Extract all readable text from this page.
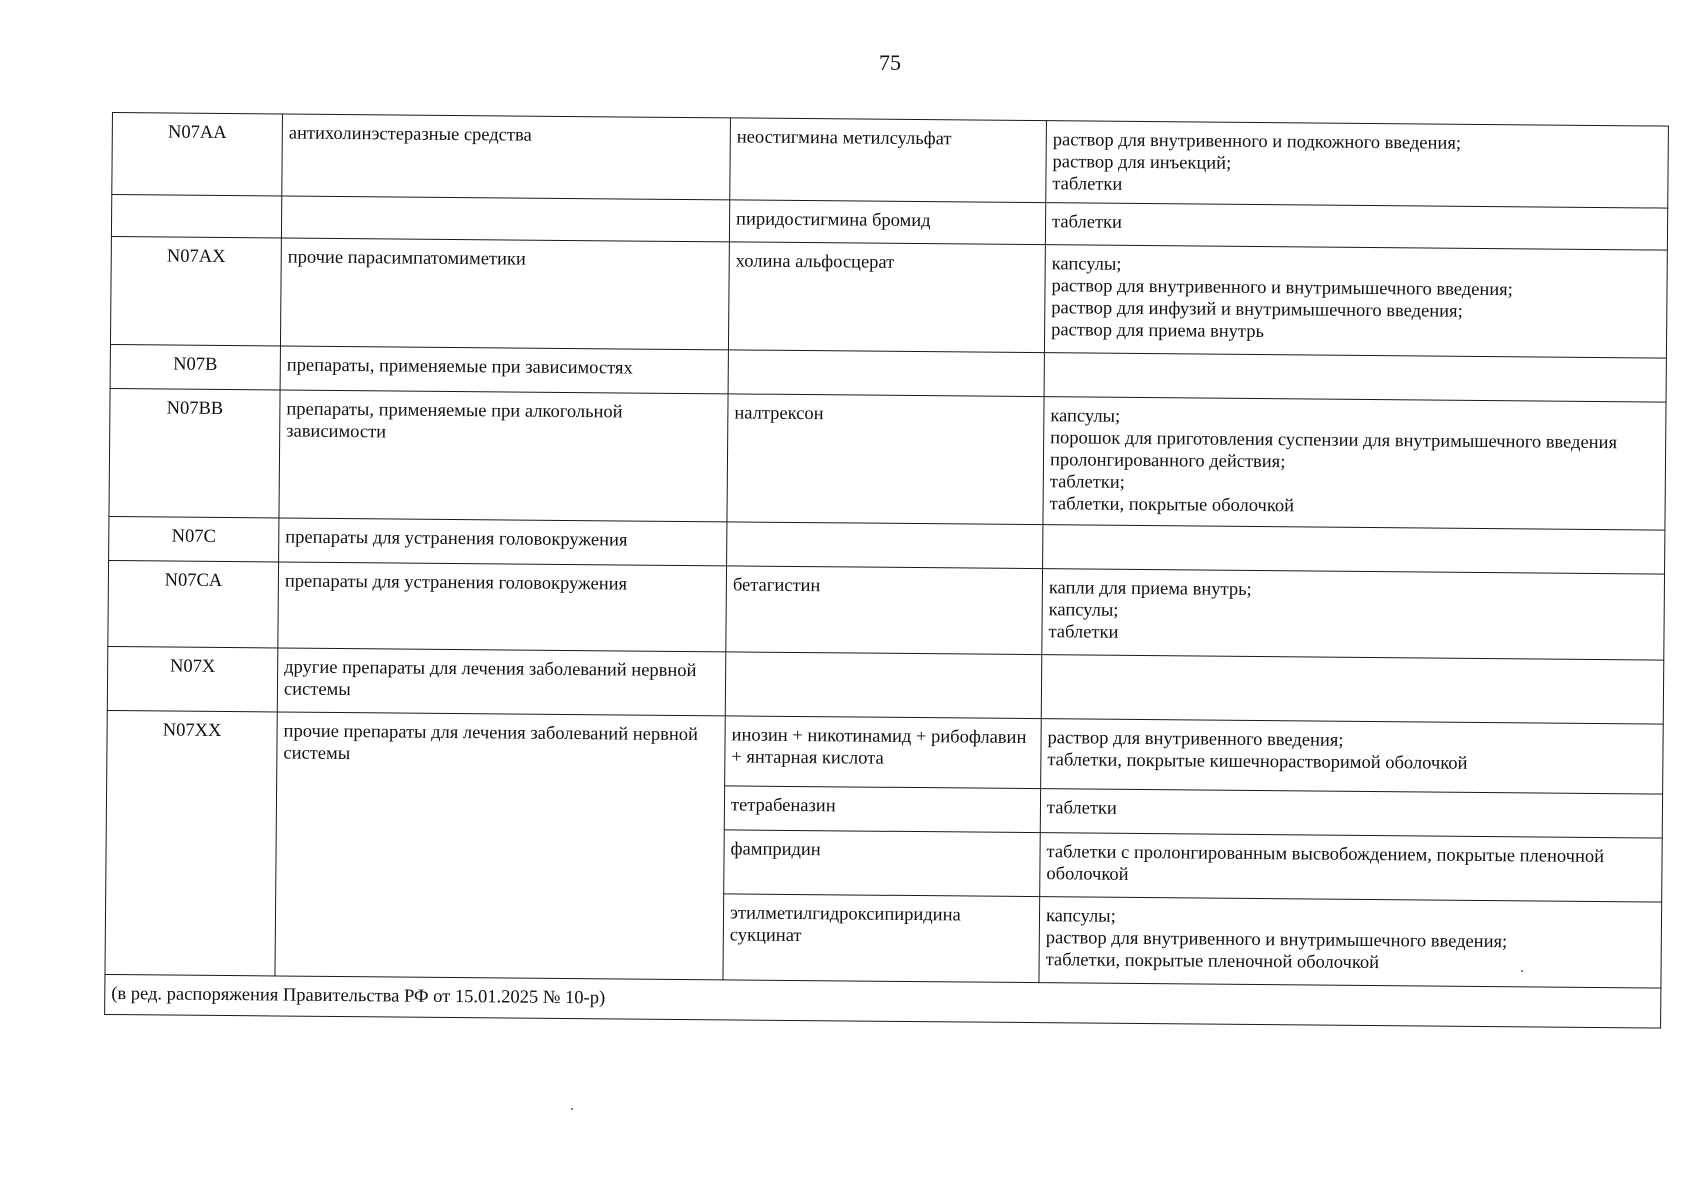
75
N07AA	антихолинэстеразные средства	неостигмина метилсульфат	раствор для внутривенного и подкожного введения;
раствор для инъекций;
таблетки

		пиридостигмина бромид	таблетки

N07AX	прочие парасимпатомиметики	холина альфосцерат	капсулы;
раствор для внутривенного и внутримышечного введения;
раствор для инфузий и внутримышечного введения;
раствор для приема внутрь

N07B	препараты, применяемые при зависимостях		
N07BB	препараты, применяемые при алкогольной зависимости	налтрексон	капсулы;
порошок для приготовления суспензии для внутримышечного введения пролонгированного действия;
таблетки;
таблетки, покрытые оболочкой

N07C	препараты для устранения головокружения		
N07CA	препараты для устранения головокружения	бетагистин	капли для приема внутрь;
капсулы;
таблетки

N07X	другие препараты для лечения заболеваний нервной системы		
N07XX	прочие препараты для лечения заболеваний нервной системы	инозин + никотинамид + рибофлавин + янтарная кислота	раствор для внутривенного введения;
таблетки, покрытые кишечнорастворимой оболочкой

		тетрабеназин	таблетки

		фампридин	таблетки с пролонгированным высвобождением, покрытые пленочной оболочкой

		этилметилгидроксипиридина сукцинат	капсулы;
раствор для внутривенного и внутримышечного введения;
таблетки, покрытые пленочной оболочкой

(в ред. распоряжения Правительства РФ от 15.01.2025 № 10-р)			
